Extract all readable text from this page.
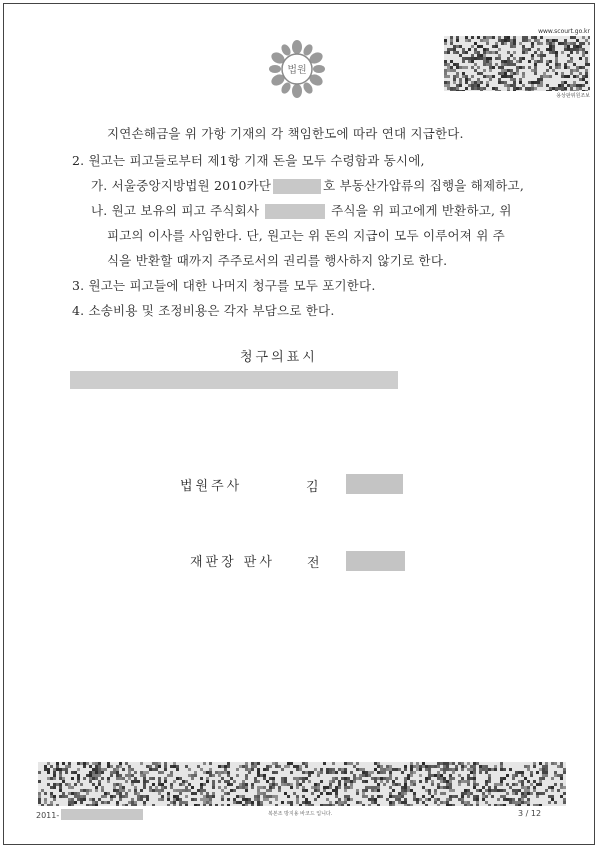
법원
www.scourt.go.kr
용상판위원조보
지연손해금을 위 가항 기재의 각 책임한도에 따라 연대 지급한다.
2. 원고는 피고들로부터 제1항 기재 돈을 모두 수령함과 동시에,
가. 서울중앙지방법원 2010카단	호 부동산가압류의 집행을 해제하고,
나. 원고 보유의 피고 주식회사	주식을 위 피고에게 반환하고, 위
피고의 이사를 사임한다. 단, 원고는 위 돈의 지급이 모두 이루어져 위 주
식을 반환할 때까지 주주로서의 권리를 행사하지 않기로 한다.
3. 원고는 피고들에 대한 나머지 청구를 모두 포기한다.
4. 소송비용 및 조정비용은 각자 부담으로 한다.
청구의표시
법원주사	김
재판장 판사 전
2011-	복본조 방지용 바코드 입니다.	3 / 12
